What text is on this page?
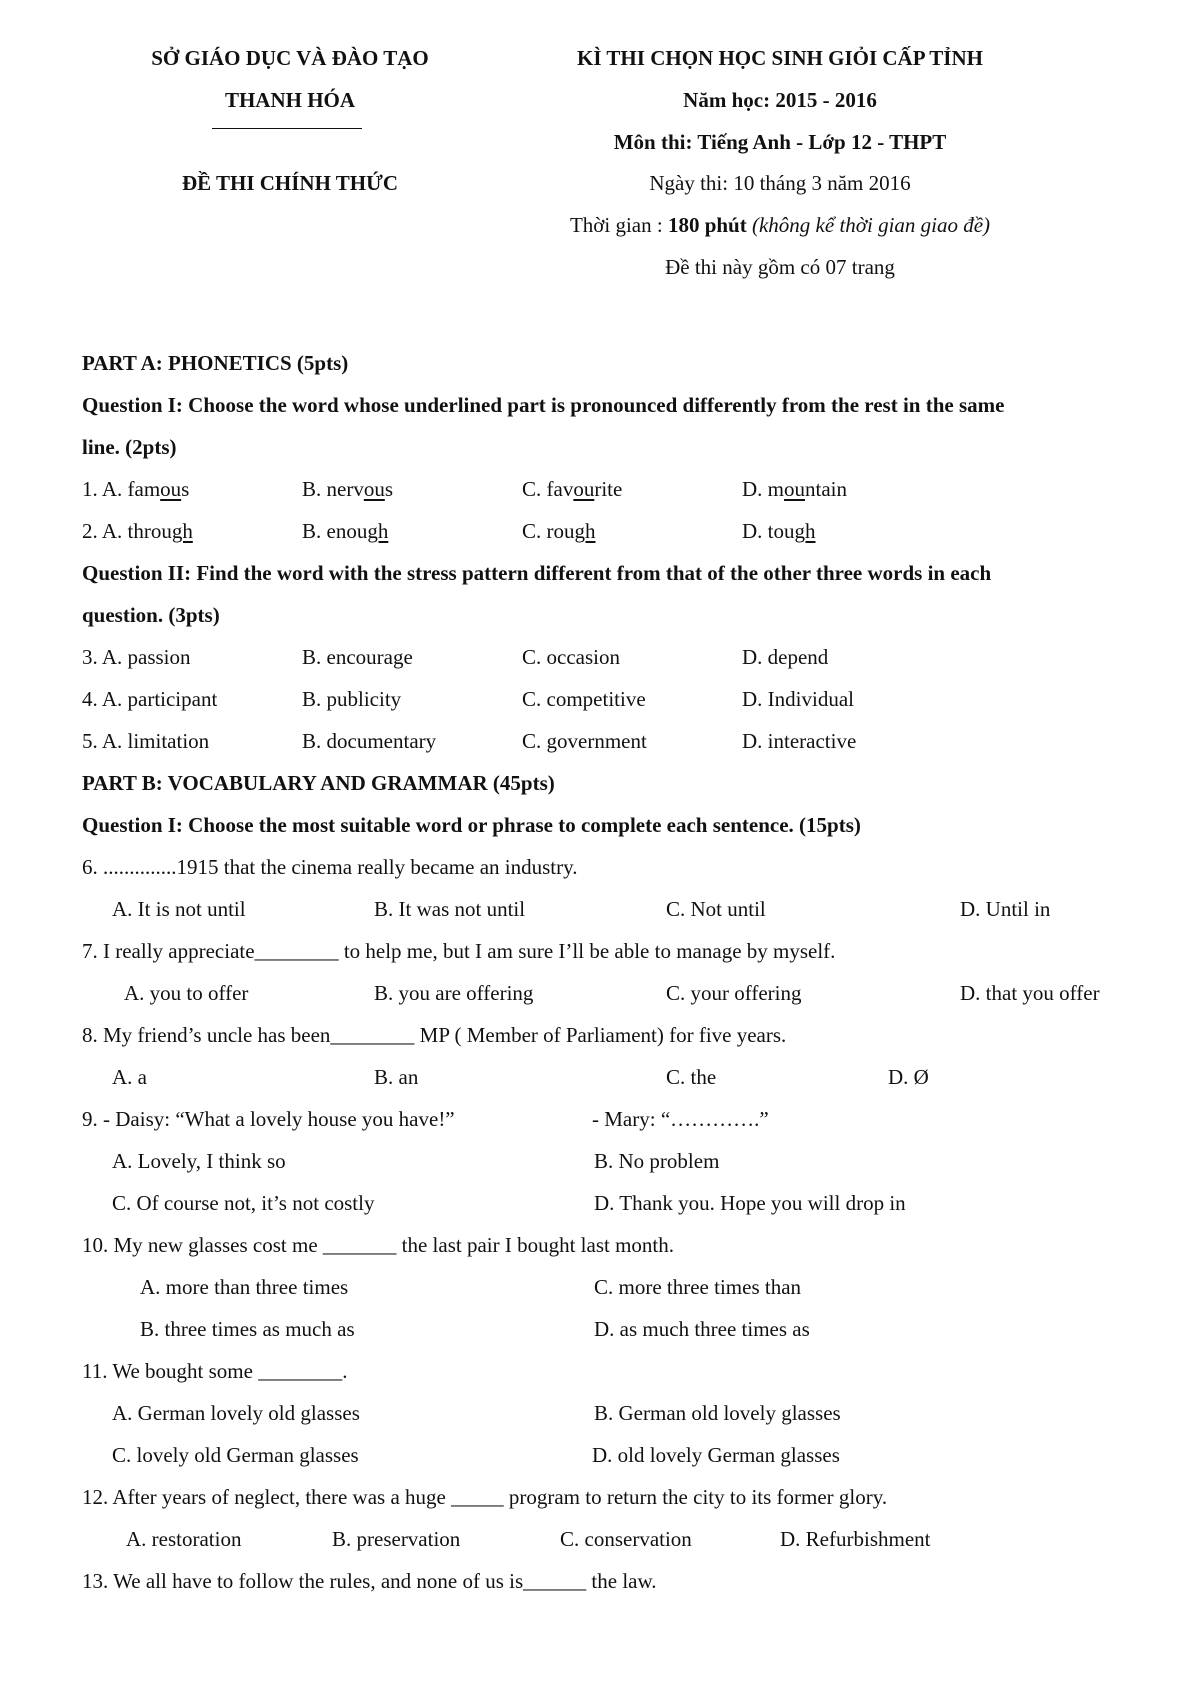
SỞ GIÁO DỤC VÀ ĐÀO TẠO
THANH HÓA
ĐỀ THI CHÍNH THỨC
KÌ THI CHỌN HỌC SINH GIỎI CẤP TỈNH
Năm học: 2015 - 2016
Môn thi: Tiếng Anh - Lớp 12 - THPT
Ngày thi: 10 tháng 3 năm 2016
Thời gian : 180 phút (không kể thời gian giao đề)
Đề thi này gồm có 07 trang
PART A: PHONETICS (5pts)
Question I: Choose the word whose underlined part is pronounced differently from the rest in the same
line. (2pts)
1. A. famous	B. nervous	C. favourite	D. mountain
2. A. through	B. enough	C. rough	D. tough
Question II: Find the word with the stress pattern different from that of the other three words in each
question. (3pts)
3. A. passion	B. encourage	C. occasion	D. depend
4. A. participant	B. publicity	C. competitive	D. Individual
5. A. limitation	B. documentary	C. government	D. interactive
PART B: VOCABULARY AND GRAMMAR (45pts)
Question I: Choose the most suitable word or phrase to complete each sentence. (15pts)
6. ..............1915 that the cinema really became an industry.
A. It is not until	B. It was not until	C. Not until	D. Until in
7. I really appreciate________ to help me, but I am sure I’ll be able to manage by myself.
A. you to offer	B. you are offering	C. your offering	D. that you offer
8. My friend’s uncle has been________ MP ( Member of Parliament) for five years.
A. a	B. an	C. the	D. Ø
9. - Daisy: “What a lovely house you have!”	- Mary: “………….”
A. Lovely, I think so	B. No problem
C. Of course not, it’s not costly	D. Thank you. Hope you will drop in
10. My new glasses cost me _______ the last pair I bought last month.
A. more than three times	C. more three times than
B. three times as much as	D. as much three times as
11. We bought some ________.
A. German lovely old glasses	B. German old lovely glasses
C. lovely old German glasses	D. old lovely German glasses
12. After years of neglect, there was a huge _____ program to return the city to its former glory.
A. restoration	B. preservation	C. conservation	D. Refurbishment
13. We all have to follow the rules, and none of us is______ the law.
